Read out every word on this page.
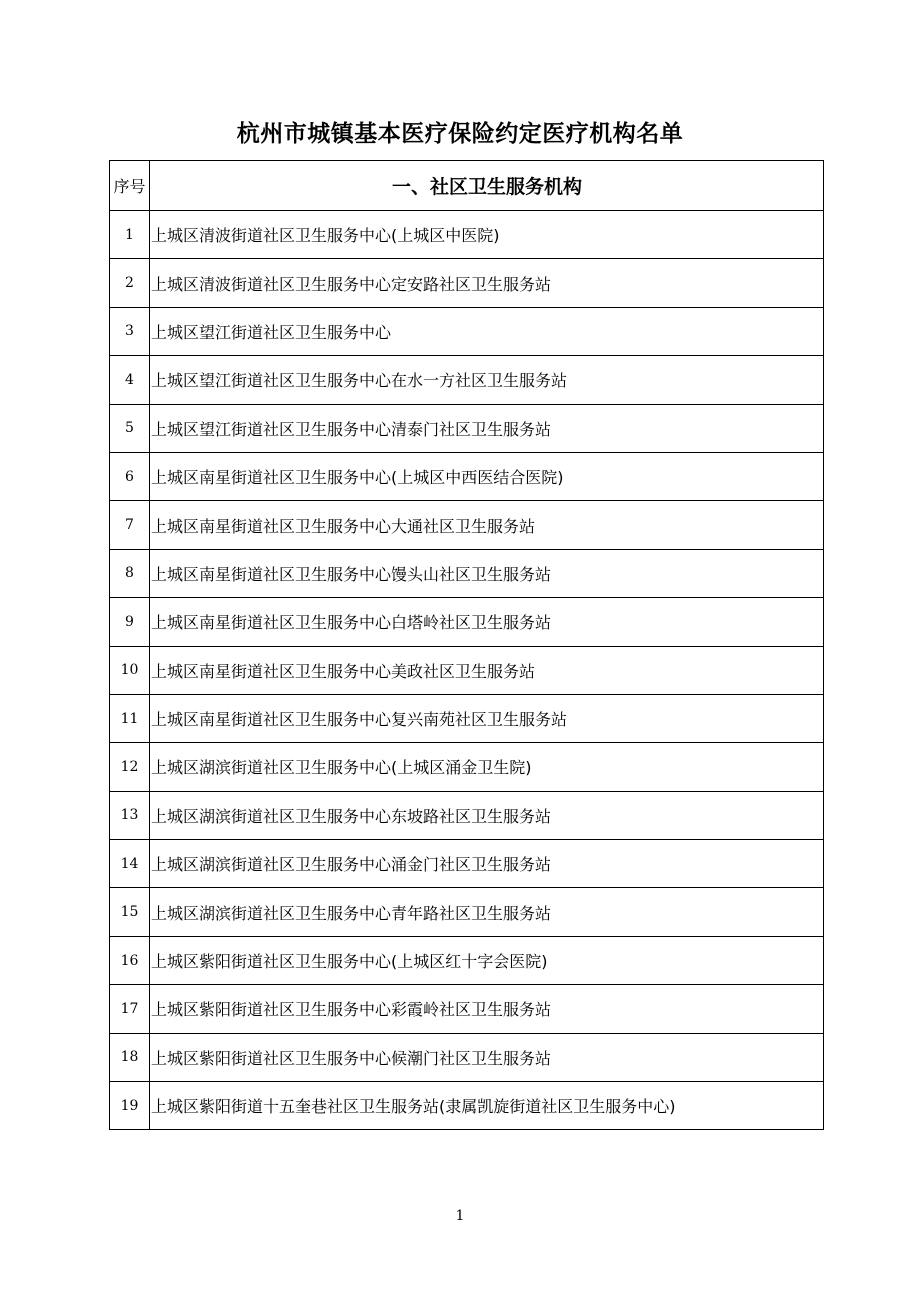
杭州市城镇基本医疗保险约定医疗机构名单
序号	一、社区卫生服务机构
1	上城区清波街道社区卫生服务中心(上城区中医院)
2	上城区清波街道社区卫生服务中心定安路社区卫生服务站
3	上城区望江街道社区卫生服务中心
4	上城区望江街道社区卫生服务中心在水一方社区卫生服务站
5	上城区望江街道社区卫生服务中心清泰门社区卫生服务站
6	上城区南星街道社区卫生服务中心(上城区中西医结合医院)
7	上城区南星街道社区卫生服务中心大通社区卫生服务站
8	上城区南星街道社区卫生服务中心馒头山社区卫生服务站
9	上城区南星街道社区卫生服务中心白塔岭社区卫生服务站
10	上城区南星街道社区卫生服务中心美政社区卫生服务站
11	上城区南星街道社区卫生服务中心复兴南苑社区卫生服务站
12	上城区湖滨街道社区卫生服务中心(上城区涌金卫生院)
13	上城区湖滨街道社区卫生服务中心东坡路社区卫生服务站
14	上城区湖滨街道社区卫生服务中心涌金门社区卫生服务站
15	上城区湖滨街道社区卫生服务中心青年路社区卫生服务站
16	上城区紫阳街道社区卫生服务中心(上城区红十字会医院)
17	上城区紫阳街道社区卫生服务中心彩霞岭社区卫生服务站
18	上城区紫阳街道社区卫生服务中心候潮门社区卫生服务站
19	上城区紫阳街道十五奎巷社区卫生服务站(隶属凯旋街道社区卫生服务中心)
1
